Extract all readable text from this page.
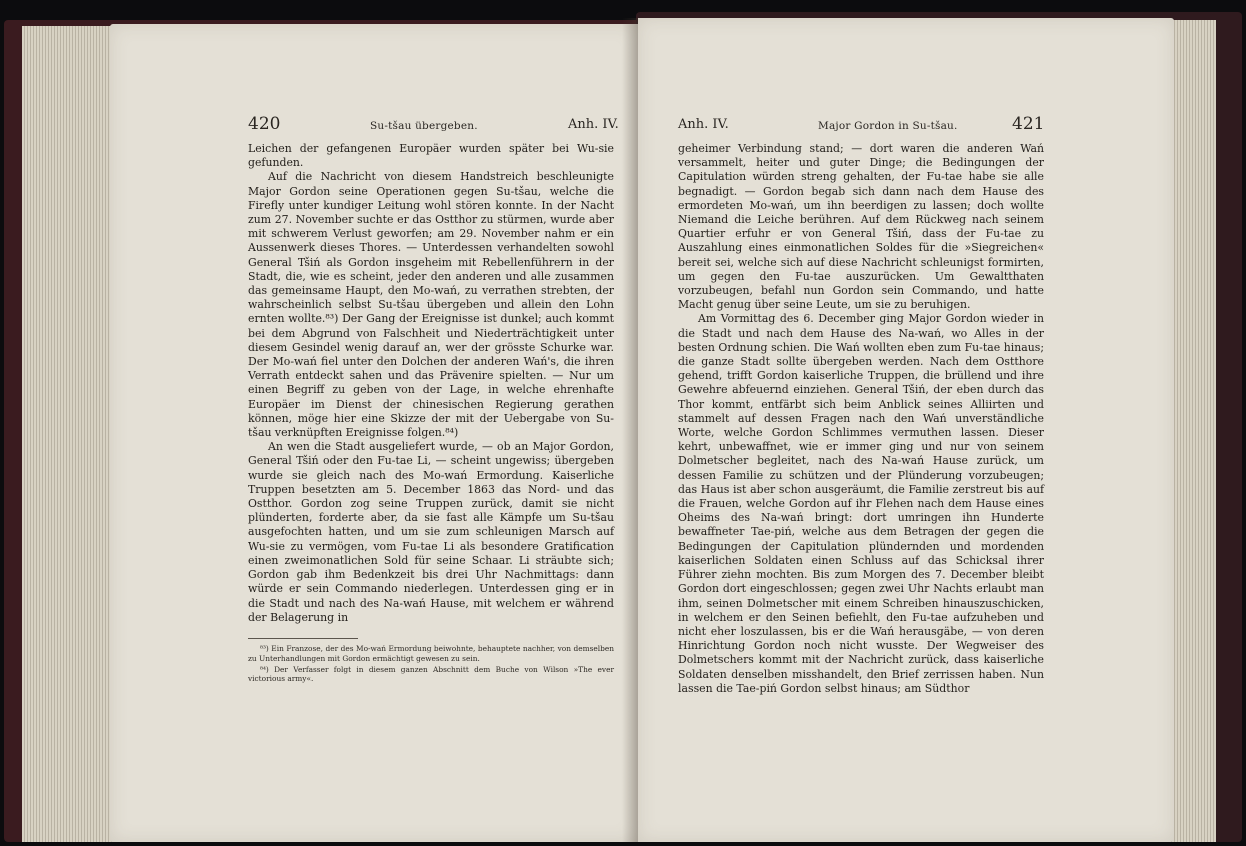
420	Su-tšau übergeben.	Anh. IV.

Leichen der gefangenen Europäer wurden später bei Wu-sie gefunden.

Auf die Nachricht von diesem Handstreich beschleunigte Major Gordon seine Operationen gegen Su-tšau, welche die Firefly unter kundiger Leitung wohl stören konnte. In der Nacht zum 27. November suchte er das Ostthor zu stürmen, wurde aber mit schwerem Verlust geworfen; am 29. November nahm er ein Aussenwerk dieses Thores. — Unterdessen verhandelten sowohl General Tšiń als Gordon insgeheim mit Rebellenführern in der Stadt, die, wie es scheint, jeder den anderen und alle zusammen das gemeinsame Haupt, den Mo-wań, zu verrathen strebten, der wahrscheinlich selbst Su-tšau übergeben und allein den Lohn ernten wollte.⁸³) Der Gang der Ereignisse ist dunkel; auch kommt bei dem Abgrund von Falschheit und Niederträchtigkeit unter diesem Gesindel wenig darauf an, wer der grösste Schurke war. Der Mo-wań fiel unter den Dolchen der anderen Wań's, die ihren Verrath entdeckt sahen und das Prävenire spielten. — Nur um einen Begriff zu geben von der Lage, in welche ehrenhafte Europäer im Dienst der chinesischen Regierung gerathen können, möge hier eine Skizze der mit der Uebergabe von Su-tšau verknüpften Ereignisse folgen.⁸⁴)

An wen die Stadt ausgeliefert wurde, — ob an Major Gordon, General Tšiń oder den Fu-tae Li, — scheint ungewiss; übergeben wurde sie gleich nach des Mo-wań Ermordung. Kaiserliche Truppen besetzten am 5. December 1863 das Nord- und das Ostthor. Gordon zog seine Truppen zurück, damit sie nicht plünderten, forderte aber, da sie fast alle Kämpfe um Su-tšau ausgefochten hatten, und um sie zum schleunigen Marsch auf Wu-sie zu vermögen, vom Fu-tae Li als besondere Gratification einen zweimonatlichen Sold für seine Schaar. Li sträubte sich; Gordon gab ihm Bedenkzeit bis drei Uhr Nachmittags: dann würde er sein Commando niederlegen. Unterdessen ging er in die Stadt und nach des Na-wań Hause, mit welchem er während der Belagerung in

⁸³) Ein Franzose, der des Mo-wań Ermordung beiwohnte, behauptete nachher, von demselben zu Unterhandlungen mit Gordon ermächtigt gewesen zu sein.

⁸⁴) Der Verfasser folgt in diesem ganzen Abschnitt dem Buche von Wilson »The ever victorious army«.

Anh. IV.	Major Gordon in Su-tšau.	421

geheimer Verbindung stand; — dort waren die anderen Wań versammelt, heiter und guter Dinge; die Bedingungen der Capitulation würden streng gehalten, der Fu-tae habe sie alle begnadigt. — Gordon begab sich dann nach dem Hause des ermordeten Mo-wań, um ihn beerdigen zu lassen; doch wollte Niemand die Leiche berühren. Auf dem Rückweg nach seinem Quartier erfuhr er von General Tšiń, dass der Fu-tae zu Auszahlung eines einmonatlichen Soldes für die »Siegreichen« bereit sei, welche sich auf diese Nachricht schleunigst formirten, um gegen den Fu-tae auszurücken. Um Gewaltthaten vorzubeugen, befahl nun Gordon sein Commando, und hatte Macht genug über seine Leute, um sie zu beruhigen.

Am Vormittag des 6. December ging Major Gordon wieder in die Stadt und nach dem Hause des Na-wań, wo Alles in der besten Ordnung schien. Die Wań wollten eben zum Fu-tae hinaus; die ganze Stadt sollte übergeben werden. Nach dem Ostthore gehend, trifft Gordon kaiserliche Truppen, die brüllend und ihre Gewehre abfeuernd einziehen. General Tšiń, der eben durch das Thor kommt, entfärbt sich beim Anblick seines Alliirten und stammelt auf dessen Fragen nach den Wań unverständliche Worte, welche Gordon Schlimmes vermuthen lassen. Dieser kehrt, unbewaffnet, wie er immer ging und nur von seinem Dolmetscher begleitet, nach des Na-wań Hause zurück, um dessen Familie zu schützen und der Plünderung vorzubeugen; das Haus ist aber schon ausgeräumt, die Familie zerstreut bis auf die Frauen, welche Gordon auf ihr Flehen nach dem Hause eines Oheims des Na-wań bringt: dort umringen ihn Hunderte bewaffneter Tae-piń, welche aus dem Betragen der gegen die Bedingungen der Capitulation plündernden und mordenden kaiserlichen Soldaten einen Schluss auf das Schicksal ihrer Führer ziehn mochten. Bis zum Morgen des 7. December bleibt Gordon dort eingeschlossen; gegen zwei Uhr Nachts erlaubt man ihm, seinen Dolmetscher mit einem Schreiben hinauszuschicken, in welchem er den Seinen befiehlt, den Fu-tae aufzuheben und nicht eher loszulassen, bis er die Wań herausgäbe, — von deren Hinrichtung Gordon noch nicht wusste. Der Wegweiser des Dolmetschers kommt mit der Nachricht zurück, dass kaiserliche Soldaten denselben misshandelt, den Brief zerrissen haben. Nun lassen die Tae-piń Gordon selbst hinaus; am Südthor
